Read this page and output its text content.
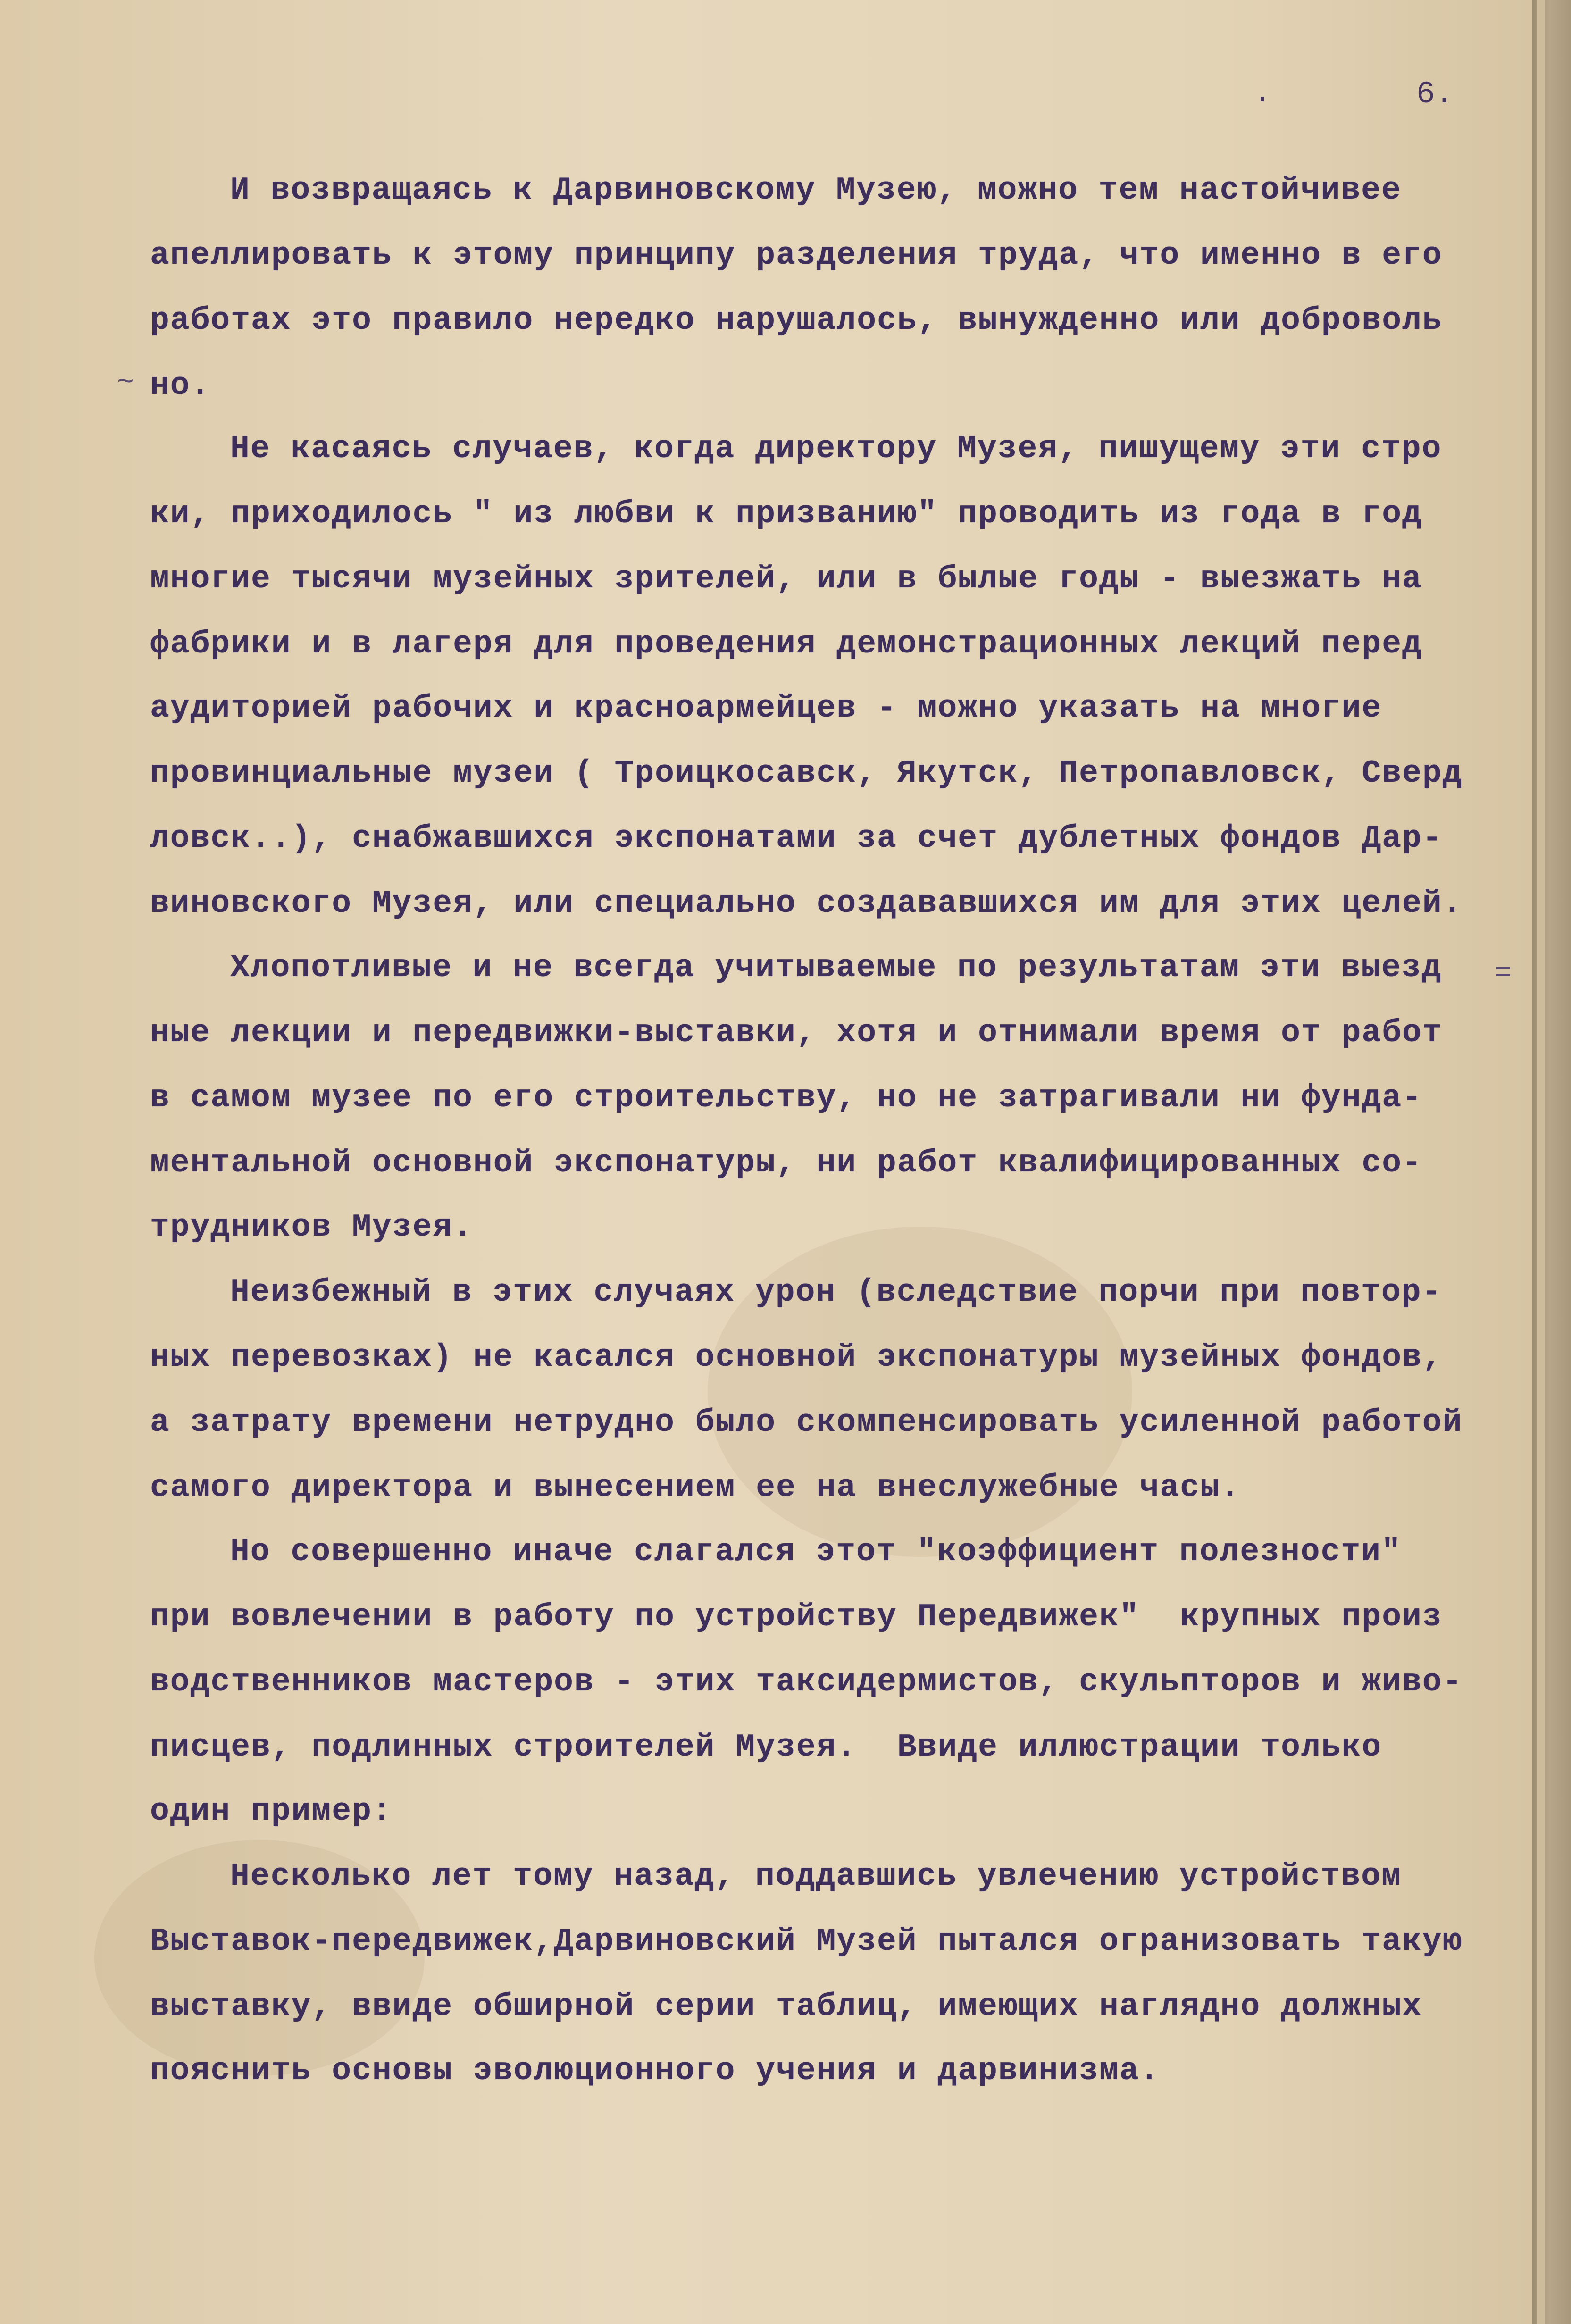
.	6.
~
=
И возвращаясь к Дарвиновскому Музею, можно тем настойчивее
апеллировать к этому принципу разделения труда, что именно в его
работах это правило нередко нарушалось, вынужденно или доброволь
но.
Не касаясь случаев, когда директору Музея, пишущему эти стро
ки, приходилось " из любви к призванию" проводить из года в год
многие тысячи музейных зрителей, или в былые годы - выезжать на
фабрики и в лагеря для проведения демонстрационных лекций перед
аудиторией рабочих и красноармейцев - можно указать на многие
провинциальные музеи ( Троицкосавск, Якутск, Петропавловск, Сверд
ловск..), снабжавшихся экспонатами за счет дублетных фондов Дар-
виновского Музея, или специально создававшихся им для этих целей.
Хлопотливые и не всегда учитываемые по результатам эти выезд
ные лекции и передвижки-выставки, хотя и отнимали время от работ
в самом музее по его строительству, но не затрагивали ни фунда-
ментальной основной экспонатуры, ни работ квалифицированных со-
трудников Музея.
Неизбежный в этих случаях урон (вследствие порчи при повтор-
ных перевозках) не касался основной экспонатуры музейных фондов,
а затрату времени нетрудно было скомпенсировать усиленной работой
самого директора и вынесением ее на внеслужебные часы.
Но совершенно иначе слагался этот "коэффициент полезности"
при вовлечении в работу по устройству Передвижек"  крупных произ
водственников мастеров - этих таксидермистов, скульпторов и живо-
писцев, подлинных строителей Музея.  Ввиде иллюстрации только
один пример:
Несколько лет тому назад, поддавшись увлечению устройством
Выставок-передвижек,Дарвиновский Музей пытался огранизовать такую
выставку, ввиде обширной серии таблиц, имеющих наглядно должных
пояснить основы эволюционного учения и дарвинизма.
